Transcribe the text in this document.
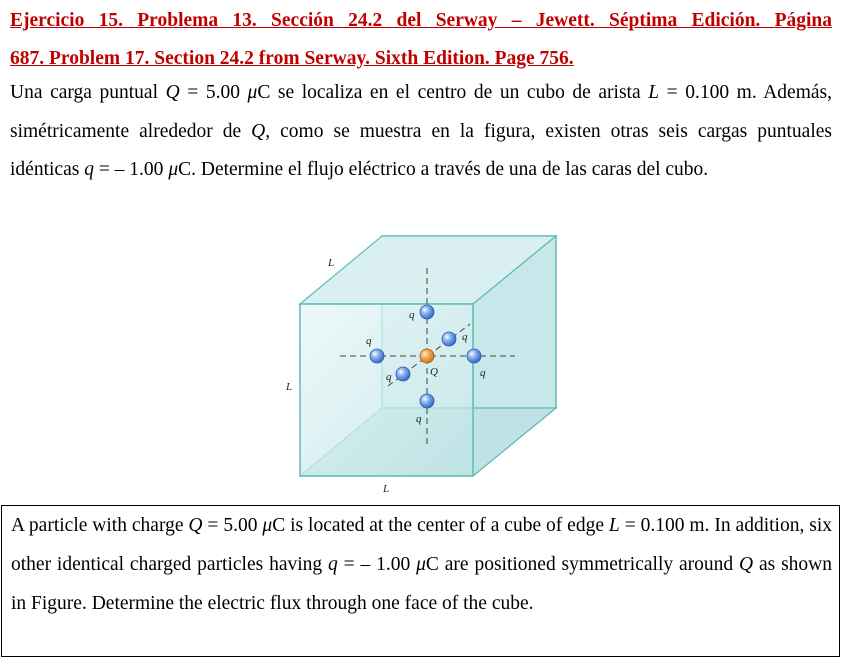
Ejercicio 15. Problema 13. Sección 24.2 del Serway – Jewett. Séptima Edición. Página
687. Problem 17. Section 24.2 from Serway. Sixth Edition. Page 756.
Una carga puntual Q = 5.00 μC se localiza en el centro de un cubo de arista L = 0.100 m. Además, simétricamente alrededor de Q, como se muestra en la figura, existen otras seis cargas puntuales idénticas q = – 1.00 μC. Determine el flujo eléctrico a través de una de las caras del cubo.
L
L
L
q
q
q
q
q
q	Q
A particle with charge Q = 5.00 μC is located at the center of a cube of edge L = 0.100 m. In addition, six other identical charged particles having q = – 1.00 μC are positioned symmetrically around Q as shown in Figure. Determine the electric flux through one face of the cube.
